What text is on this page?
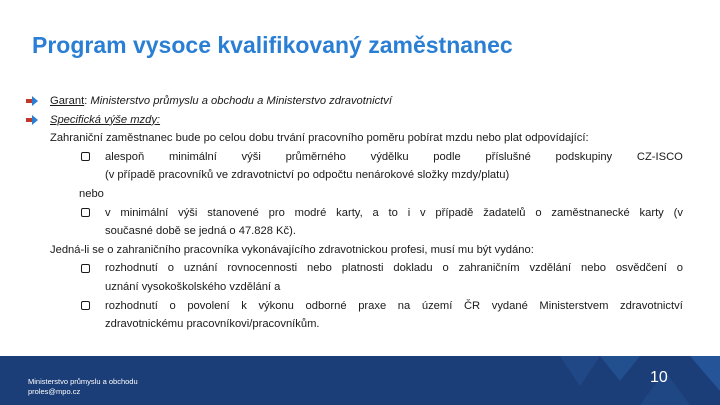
Program vysoce kvalifikovaný zaměstnanec
Garant: Ministerstvo průmyslu a obchodu a Ministerstvo zdravotnictví
Specifická výše mzdy:
Zahraniční zaměstnanec bude po celou dobu trvání pracovního poměru pobírat mzdu nebo plat odpovídající:
alespoň minimální výši průměrného výdělku podle příslušné podskupiny CZ-ISCO
(v případě pracovníků ve zdravotnictví po odpočtu nenárokové složky mzdy/platu)
nebo
v minimální výši stanovené pro modré karty, a to i v případě žadatelů o zaměstnanecké karty (v
současné době se jedná o 47.828 Kč).
Jedná-li se o zahraničního pracovníka vykonávajícího zdravotnickou profesi, musí mu být vydáno:
rozhodnutí o uznání rovnocennosti nebo platnosti dokladu o zahraničním vzdělání nebo osvědčení o
uznání vysokoškolského vzdělání a
rozhodnutí o povolení k výkonu odborné praxe na území ČR vydané Ministerstvem zdravotnictví
zdravotnickému pracovníkovi/pracovníkům.
Ministerstvo průmyslu a obchodu
proles@mpo.cz
10
